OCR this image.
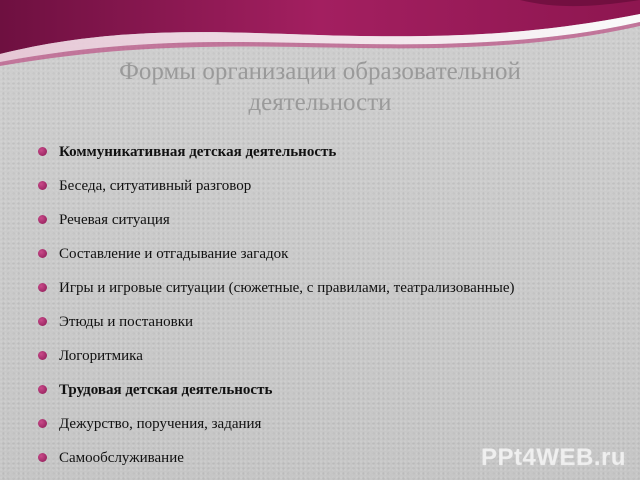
Формы организации образовательной деятельности
Коммуникативная детская деятельность
Беседа, ситуативный разговор
Речевая ситуация
Составление и отгадывание загадок
Игры и игровые ситуации (сюжетные, с правилами, театрализованные)
Этюды и постановки
Логоритмика
Трудовая детская деятельность
Дежурство, поручения, задания
Самообслуживание	PPt4WEB.ru
